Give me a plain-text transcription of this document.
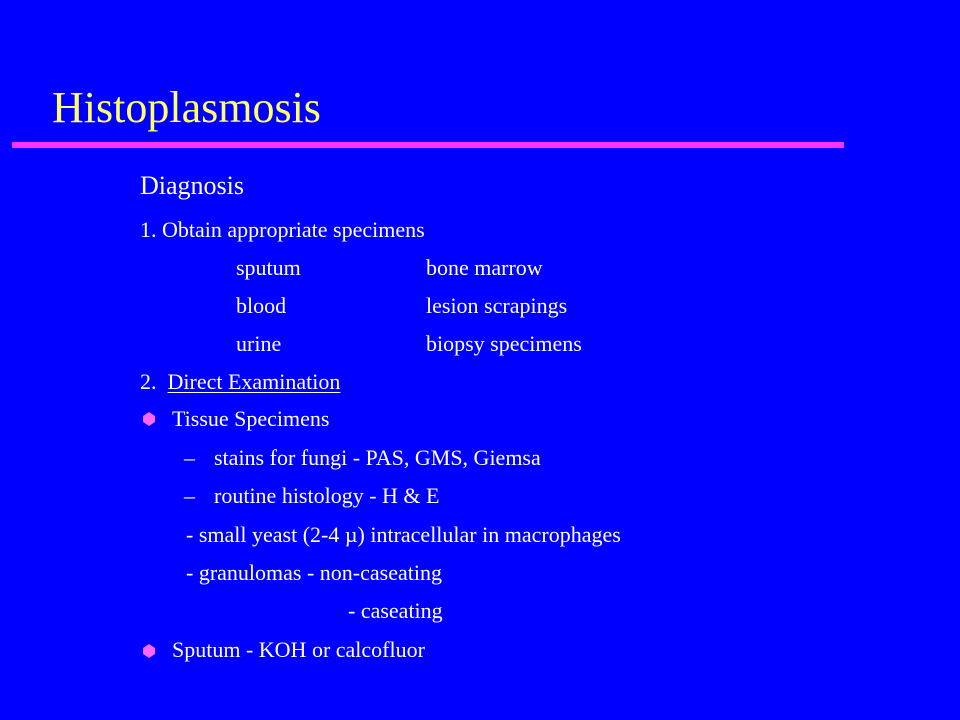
Histoplasmosis
Diagnosis
1. Obtain appropriate specimens
sputum	bone marrow
blood	lesion scrapings
urine	biopsy specimens
2.  Direct Examination
Tissue Specimens
– stains for fungi - PAS, GMS, Giemsa
– routine histology - H & E
- small yeast (2-4 µ) intracellular in macrophages
- granulomas - non-caseating
- caseating
Sputum - KOH or calcofluor
